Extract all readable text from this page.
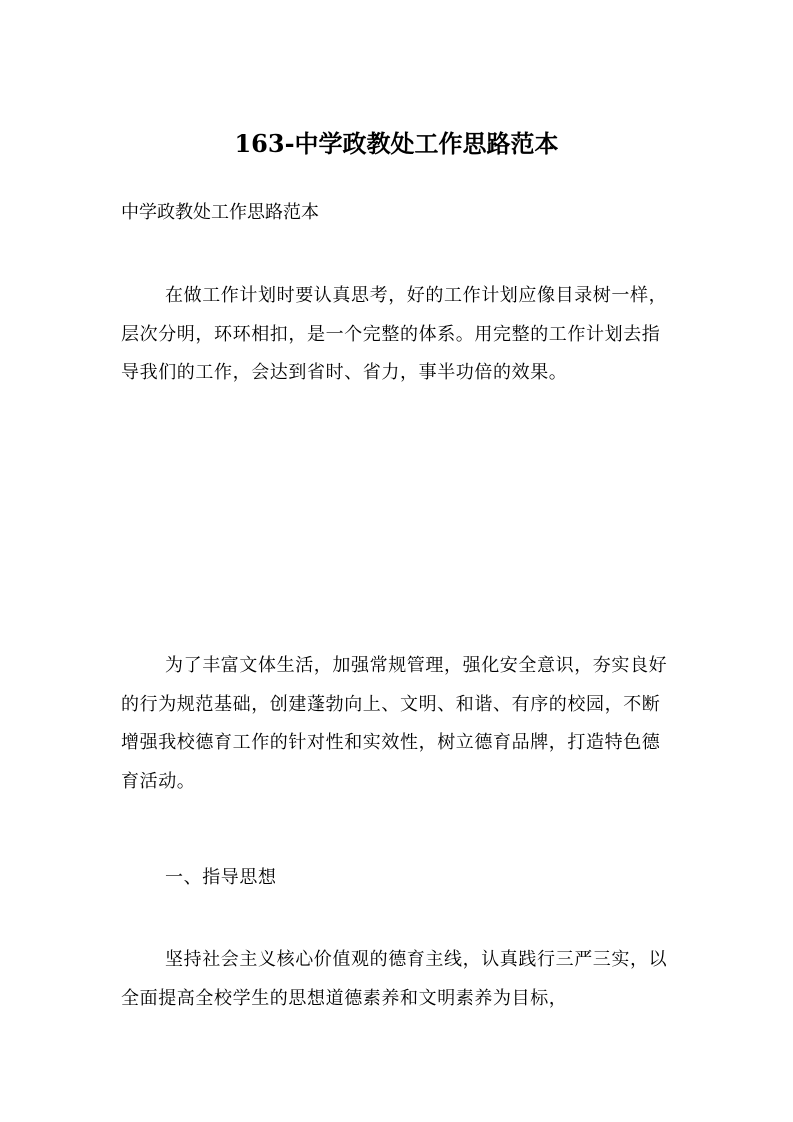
163-中学政教处工作思路范本

中学政教处工作思路范本

在做工作计划时要认真思考，好的工作计划应像目录树一样，层次分明，环环相扣，是一个完整的体系。用完整的工作计划去指导我们的工作，会达到省时、省力，事半功倍的效果。

为了丰富文体生活，加强常规管理，强化安全意识，夯实良好的行为规范基础，创建蓬勃向上、文明、和谐、有序的校园，不断增强我校德育工作的针对性和实效性，树立德育品牌，打造特色德育活动。

一、指导思想

坚持社会主义核心价值观的德育主线，认真践行三严三实，以全面提高全校学生的思想道德素养和文明素养为目标，
